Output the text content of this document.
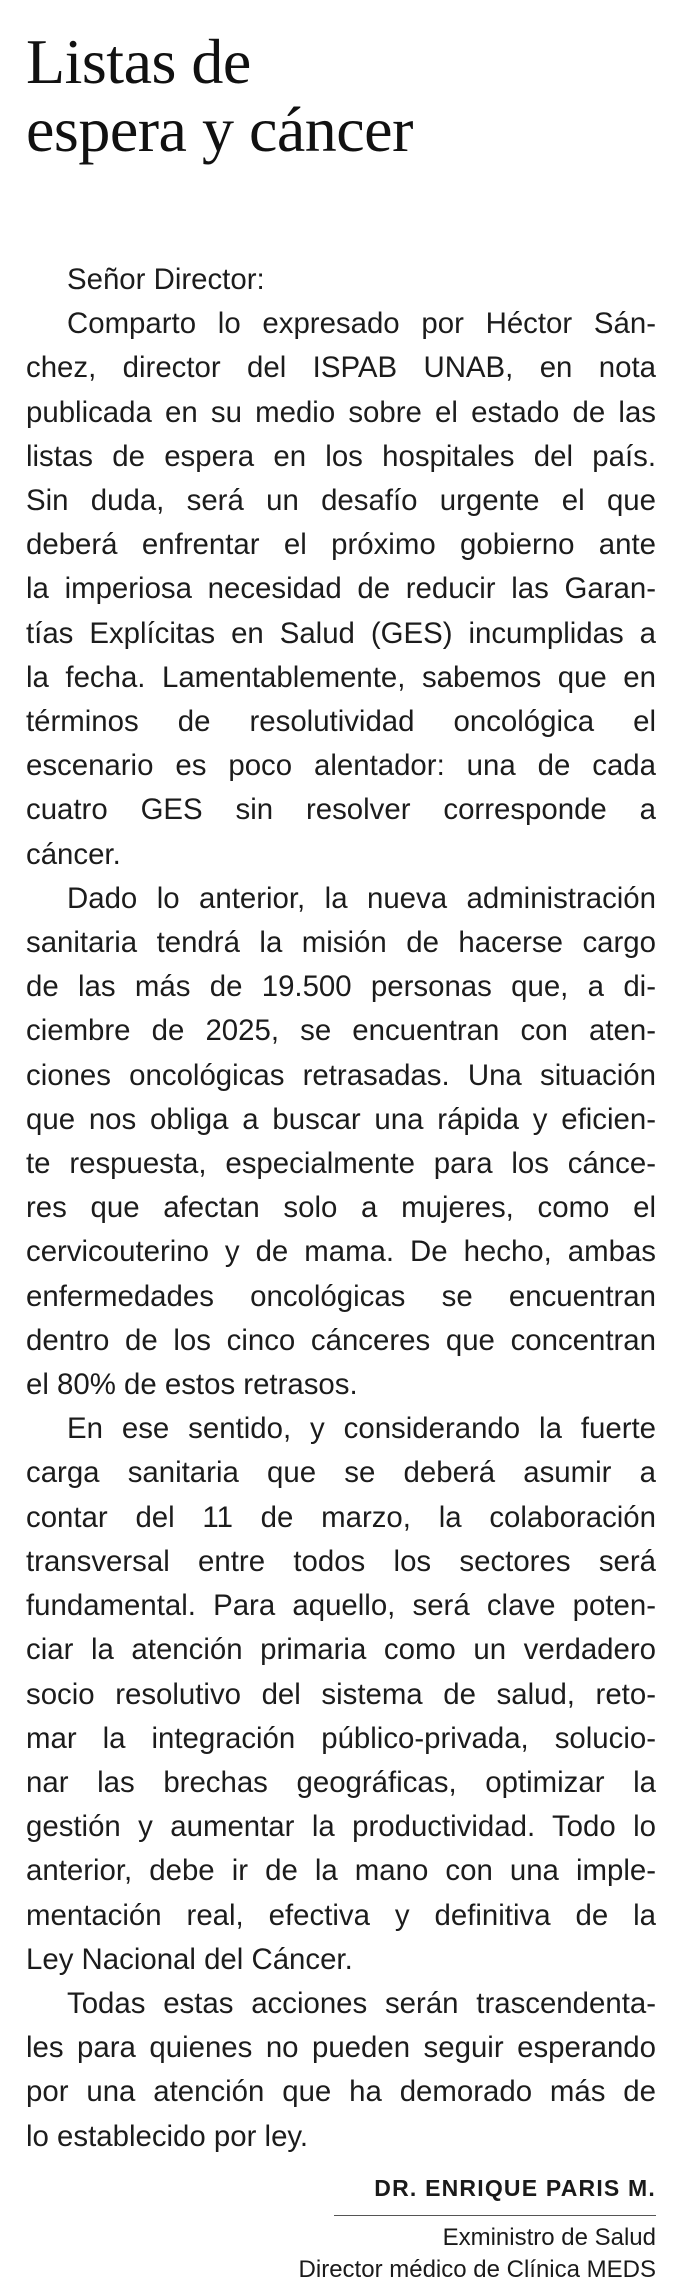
Listas de
espera y cáncer
Señor Director:
Comparto lo expresado por Héctor Sán-
chez, director del ISPAB UNAB, en nota
publicada en su medio sobre el estado de las
listas de espera en los hospitales del país.
Sin duda, será un desafío urgente el que
deberá enfrentar el próximo gobierno ante
la imperiosa necesidad de reducir las Garan-
tías Explícitas en Salud (GES) incumplidas a
la fecha. Lamentablemente, sabemos que en
términos de resolutividad oncológica el
escenario es poco alentador: una de cada
cuatro GES sin resolver corresponde a
cáncer.
Dado lo anterior, la nueva administración
sanitaria tendrá la misión de hacerse cargo
de las más de 19.500 personas que, a di-
ciembre de 2025, se encuentran con aten-
ciones oncológicas retrasadas. Una situación
que nos obliga a buscar una rápida y eficien-
te respuesta, especialmente para los cánce-
res que afectan solo a mujeres, como el
cervicouterino y de mama. De hecho, ambas
enfermedades oncológicas se encuentran
dentro de los cinco cánceres que concentran
el 80% de estos retrasos.
En ese sentido, y considerando la fuerte
carga sanitaria que se deberá asumir a
contar del 11 de marzo, la colaboración
transversal entre todos los sectores será
fundamental. Para aquello, será clave poten-
ciar la atención primaria como un verdadero
socio resolutivo del sistema de salud, reto-
mar la integración público-privada, solucio-
nar las brechas geográficas, optimizar la
gestión y aumentar la productividad. Todo lo
anterior, debe ir de la mano con una imple-
mentación real, efectiva y definitiva de la
Ley Nacional del Cáncer.
Todas estas acciones serán trascendenta-
les para quienes no pueden seguir esperando
por una atención que ha demorado más de
lo establecido por ley.
DR. ENRIQUE PARIS M.
Exministro de Salud
Director médico de Clínica MEDS
